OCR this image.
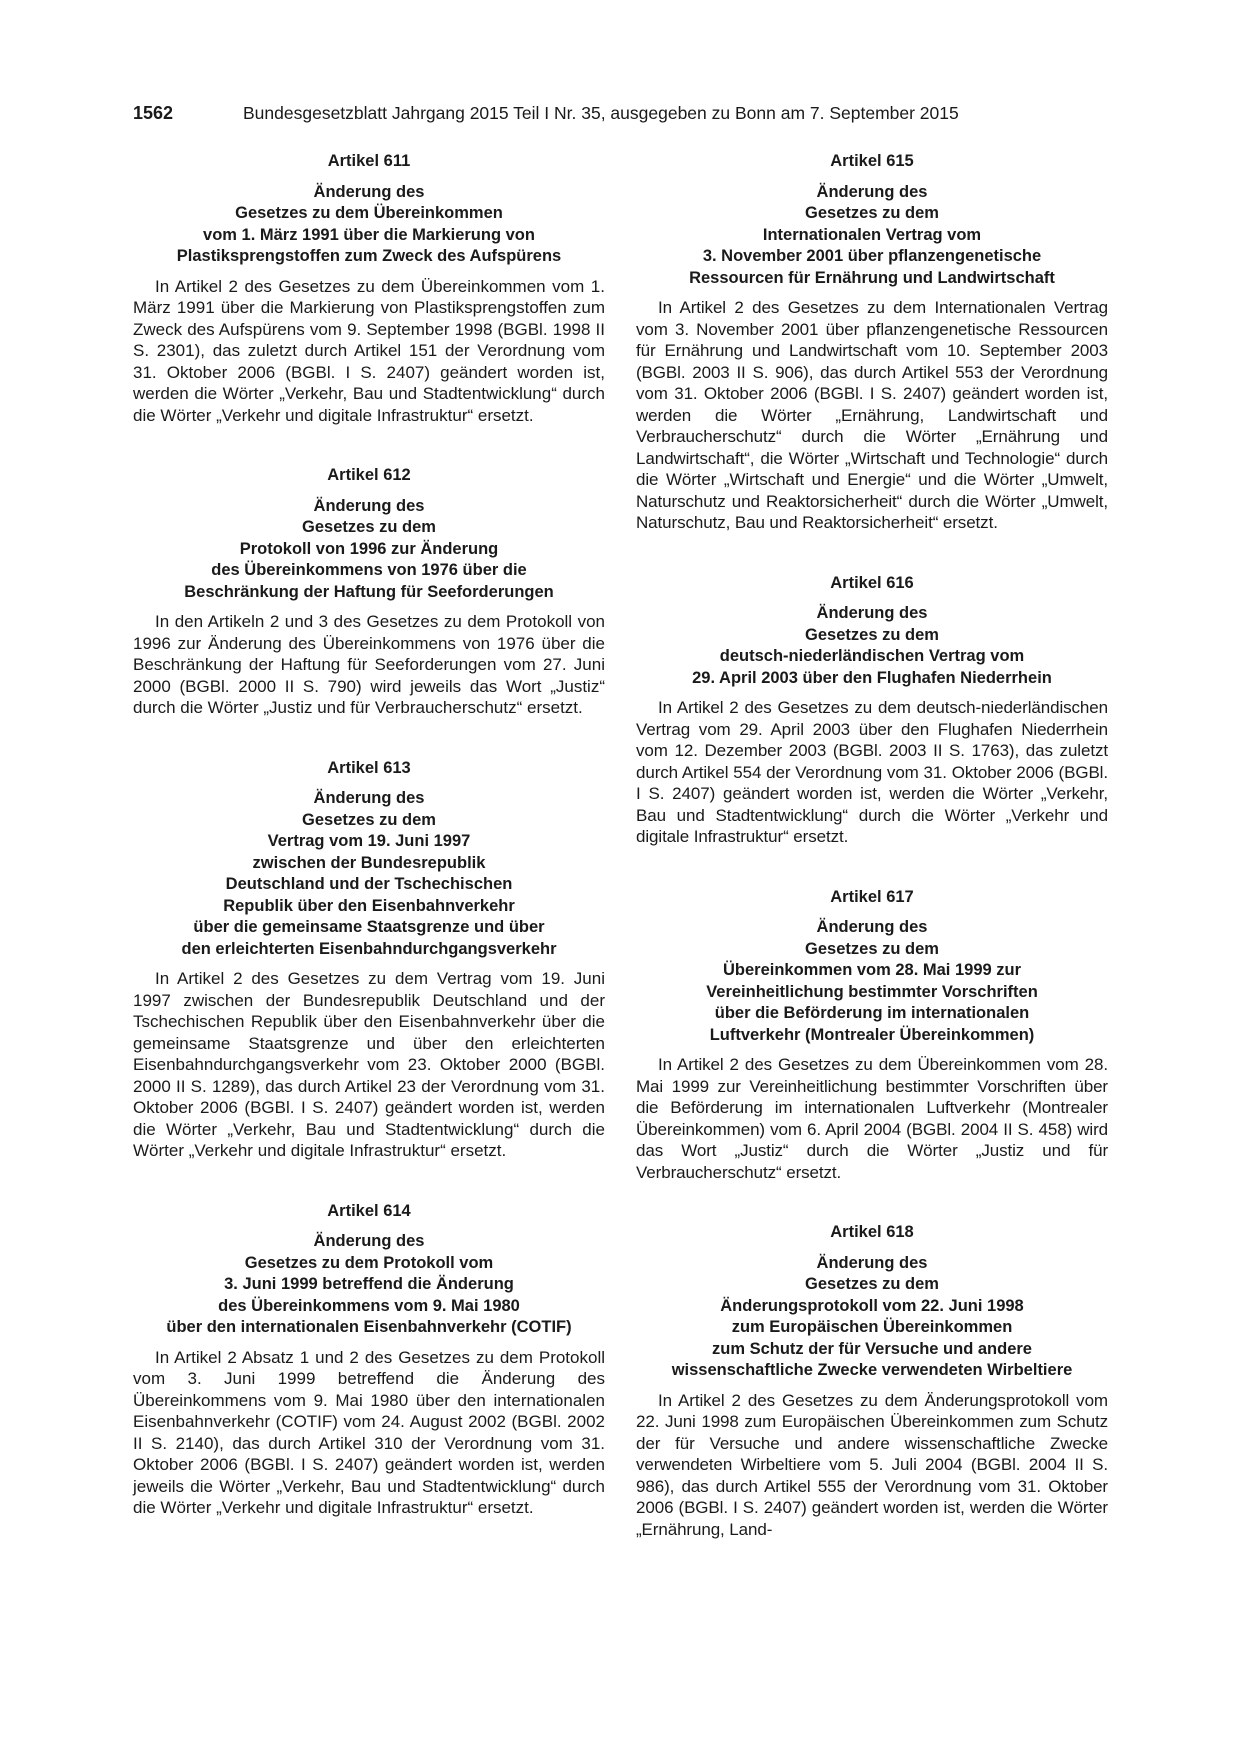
1562	Bundesgesetzblatt Jahrgang 2015 Teil I Nr. 35, ausgegeben zu Bonn am 7. September 2015
Artikel 611
Änderung des
Gesetzes zu dem Übereinkommen
vom 1. März 1991 über die Markierung von
Plastiksprengstoffen zum Zweck des Aufspürens

In Artikel 2 des Gesetzes zu dem Übereinkommen vom 1. März 1991 über die Markierung von Plastiksprengstoffen zum Zweck des Aufspürens vom 9. September 1998 (BGBl. 1998 II S. 2301), das zuletzt durch Artikel 151 der Verordnung vom 31. Oktober 2006 (BGBl. I S. 2407) geändert worden ist, werden die Wörter „Verkehr, Bau und Stadtentwicklung“ durch die Wörter „Verkehr und digitale Infrastruktur“ ersetzt.

Artikel 612
Änderung des
Gesetzes zu dem
Protokoll von 1996 zur Änderung
des Übereinkommens von 1976 über die
Beschränkung der Haftung für Seeforderungen

In den Artikeln 2 und 3 des Gesetzes zu dem Protokoll von 1996 zur Änderung des Übereinkommens von 1976 über die Beschränkung der Haftung für Seeforderungen vom 27. Juni 2000 (BGBl. 2000 II S. 790) wird jeweils das Wort „Justiz“ durch die Wörter „Justiz und für Verbraucherschutz“ ersetzt.

Artikel 613
Änderung des
Gesetzes zu dem
Vertrag vom 19. Juni 1997
zwischen der Bundesrepublik
Deutschland und der Tschechischen
Republik über den Eisenbahnverkehr
über die gemeinsame Staatsgrenze und über
den erleichterten Eisenbahndurchgangsverkehr

In Artikel 2 des Gesetzes zu dem Vertrag vom 19. Juni 1997 zwischen der Bundesrepublik Deutschland und der Tschechischen Republik über den Eisenbahnverkehr über die gemeinsame Staatsgrenze und über den erleichterten Eisenbahndurchgangsverkehr vom 23. Oktober 2000 (BGBl. 2000 II S. 1289), das durch Artikel 23 der Verordnung vom 31. Oktober 2006 (BGBl. I S. 2407) geändert worden ist, werden die Wörter „Verkehr, Bau und Stadtentwicklung“ durch die Wörter „Verkehr und digitale Infrastruktur“ ersetzt.

Artikel 614
Änderung des
Gesetzes zu dem Protokoll vom
3. Juni 1999 betreffend die Änderung
des Übereinkommens vom 9. Mai 1980
über den internationalen Eisenbahnverkehr (COTIF)

In Artikel 2 Absatz 1 und 2 des Gesetzes zu dem Protokoll vom 3. Juni 1999 betreffend die Änderung des Übereinkommens vom 9. Mai 1980 über den internationalen Eisenbahnverkehr (COTIF) vom 24. August 2002 (BGBl. 2002 II S. 2140), das durch Artikel 310 der Verordnung vom 31. Oktober 2006 (BGBl. I S. 2407) geändert worden ist, werden jeweils die Wörter „Verkehr, Bau und Stadtentwicklung“ durch die Wörter „Verkehr und digitale Infrastruktur“ ersetzt.

Artikel 615
Änderung des
Gesetzes zu dem
Internationalen Vertrag vom
3. November 2001 über pflanzengenetische
Ressourcen für Ernährung und Landwirtschaft

In Artikel 2 des Gesetzes zu dem Internationalen Vertrag vom 3. November 2001 über pflanzengenetische Ressourcen für Ernährung und Landwirtschaft vom 10. September 2003 (BGBl. 2003 II S. 906), das durch Artikel 553 der Verordnung vom 31. Oktober 2006 (BGBl. I S. 2407) geändert worden ist, werden die Wörter „Ernährung, Landwirtschaft und Verbraucherschutz“ durch die Wörter „Ernährung und Landwirtschaft“, die Wörter „Wirtschaft und Technologie“ durch die Wörter „Wirtschaft und Energie“ und die Wörter „Umwelt, Naturschutz und Reaktorsicherheit“ durch die Wörter „Umwelt, Naturschutz, Bau und Reaktorsicherheit“ ersetzt.

Artikel 616
Änderung des
Gesetzes zu dem
deutsch-niederländischen Vertrag vom
29. April 2003 über den Flughafen Niederrhein

In Artikel 2 des Gesetzes zu dem deutsch-niederländischen Vertrag vom 29. April 2003 über den Flughafen Niederrhein vom 12. Dezember 2003 (BGBl. 2003 II S. 1763), das zuletzt durch Artikel 554 der Verordnung vom 31. Oktober 2006 (BGBl. I S. 2407) geändert worden ist, werden die Wörter „Verkehr, Bau und Stadtentwicklung“ durch die Wörter „Verkehr und digitale Infrastruktur“ ersetzt.

Artikel 617
Änderung des
Gesetzes zu dem
Übereinkommen vom 28. Mai 1999 zur
Vereinheitlichung bestimmter Vorschriften
über die Beförderung im internationalen
Luftverkehr (Montrealer Übereinkommen)

In Artikel 2 des Gesetzes zu dem Übereinkommen vom 28. Mai 1999 zur Vereinheitlichung bestimmter Vorschriften über die Beförderung im internationalen Luftverkehr (Montrealer Übereinkommen) vom 6. April 2004 (BGBl. 2004 II S. 458) wird das Wort „Justiz“ durch die Wörter „Justiz und für Verbraucherschutz“ ersetzt.

Artikel 618
Änderung des
Gesetzes zu dem
Änderungsprotokoll vom 22. Juni 1998
zum Europäischen Übereinkommen
zum Schutz der für Versuche und andere
wissenschaftliche Zwecke verwendeten Wirbeltiere

In Artikel 2 des Gesetzes zu dem Änderungsprotokoll vom 22. Juni 1998 zum Europäischen Übereinkommen zum Schutz der für Versuche und andere wissenschaftliche Zwecke verwendeten Wirbeltiere vom 5. Juli 2004 (BGBl. 2004 II S. 986), das durch Artikel 555 der Verordnung vom 31. Oktober 2006 (BGBl. I S. 2407) geändert worden ist, werden die Wörter „Ernährung, Land-
